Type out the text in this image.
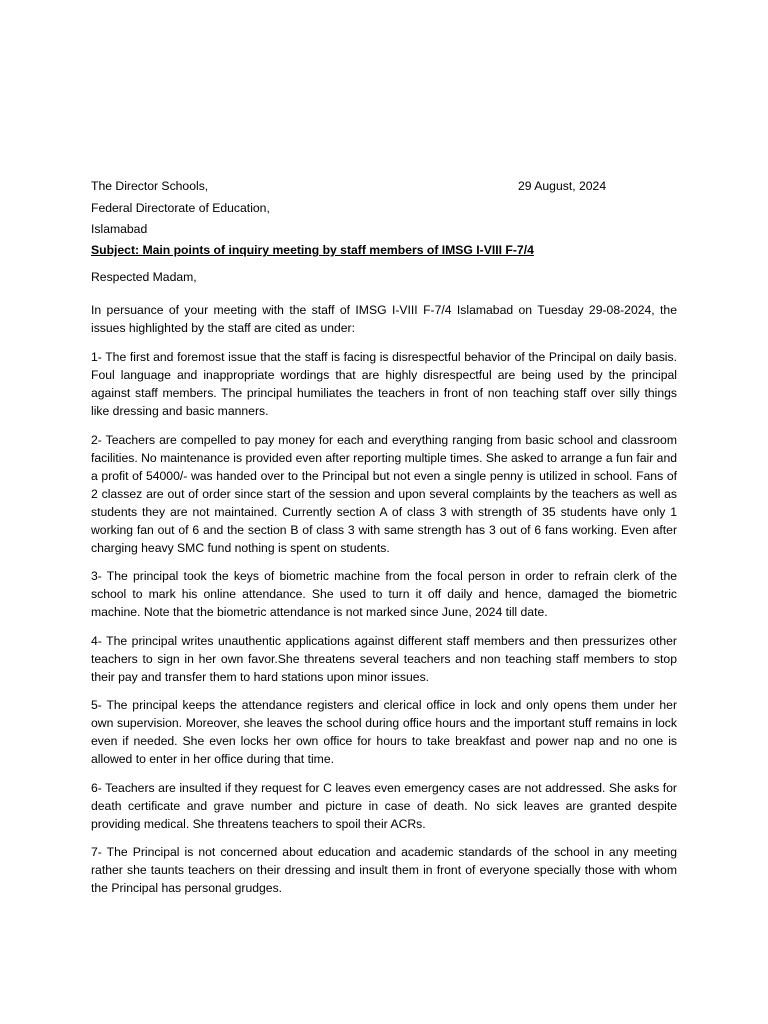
The Director Schools,	29 August, 2024
Federal Directorate of Education,
Islamabad
Subject: Main points of inquiry meeting by staff members of IMSG I-VIII F-7/4
Respected Madam,

In persuance of your meeting with the staff of IMSG I-VIII F-7/4 Islamabad on Tuesday 29-08-2024, the issues highlighted by the staff are cited as under:

1- The first and foremost issue that the staff is facing is disrespectful behavior of the Principal on daily basis. Foul language and inappropriate wordings that are highly disrespectful are being used by the principal against staff members. The principal humiliates the teachers in front of non teaching staff over silly things like dressing and basic manners.

2- Teachers are compelled to pay money for each and everything ranging from basic school and classroom facilities. No maintenance is provided even after reporting multiple times. She asked to arrange a fun fair and a profit of 54000/- was handed over to the Principal but not even a single penny is utilized in school. Fans of 2 classez are out of order since start of the session and upon several complaints by the teachers as well as students they are not maintained. Currently section A of class 3 with strength of 35 students have only 1 working fan out of 6 and the section B of class 3 with same strength has 3 out of 6 fans working. Even after charging heavy SMC fund nothing is spent on students.

3- The principal took the keys of biometric machine from the focal person in order to refrain clerk of the school to mark his online attendance. She used to turn it off daily and hence, damaged the biometric machine. Note that the biometric attendance is not marked since June, 2024 till date.

4- The principal writes unauthentic applications against different staff members and then pressurizes other teachers to sign in her own favor.She threatens several teachers and non teaching staff members to stop their pay and transfer them to hard stations upon minor issues.

5- The principal keeps the attendance registers and clerical office in lock and only opens them under her own supervision. Moreover, she leaves the school during office hours and the important stuff remains in lock even if needed. She even locks her own office for hours to take breakfast and power nap and no one is allowed to enter in her office during that time.

6- Teachers are insulted if they request for C leaves even emergency cases are not addressed. She asks for death certificate and grave number and picture in case of death. No sick leaves are granted despite providing medical. She threatens teachers to spoil their ACRs.

7- The Principal is not concerned about education and academic standards of the school in any meeting rather she taunts teachers on their dressing and insult them in front of everyone specially those with whom the Principal has personal grudges.
